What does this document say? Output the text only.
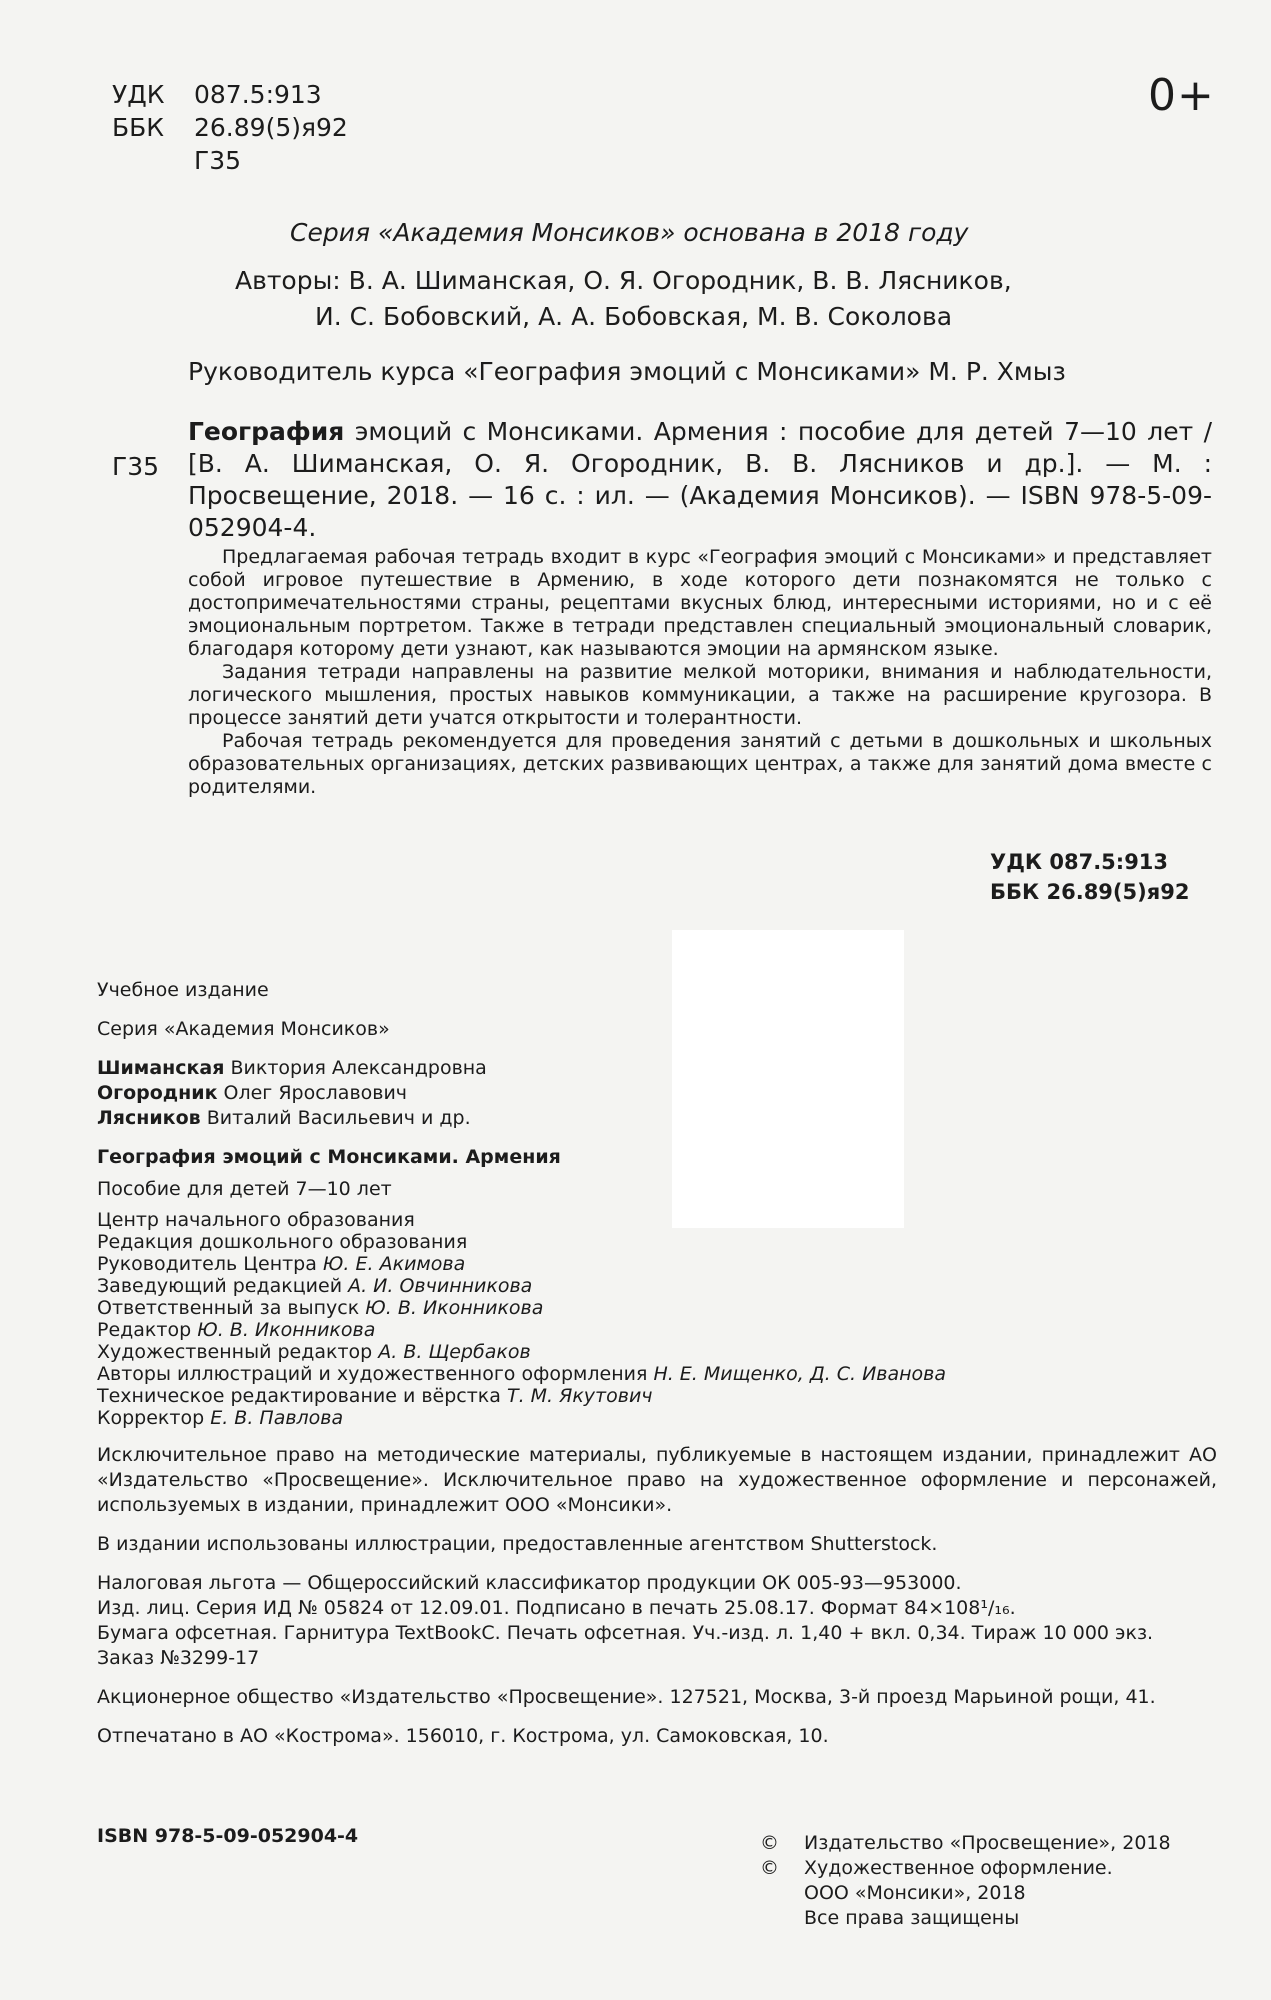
УДК 087.5:913
ББК 26.89(5)я92
Г35
0+
Серия «Академия Монсиков» основана в 2018 году
Авторы: В. А. Шиманская, О. Я. Огородник, В. В. Лясников,
И. С. Бобовский, А. А. Бобовская, М. В. Соколова
Руководитель курса «География эмоций с Монсиками» М. Р. Хмыз
Г35

География эмоций с Монсиками. Армения : пособие для детей 7—10 лет / [В. А. Шиманская, О. Я. Огородник, В. В. Лясников и др.]. — М. : Просвещение, 2018. — 16 с. : ил. — (Академия Монсиков). — ISBN 978-5-09-052904-4.

Предлагаемая рабочая тетрадь входит в курс «География эмоций с Монсиками» и представляет собой игровое путешествие в Армению, в ходе которого дети познакомятся не только с достопримечательностями страны, рецептами вкусных блюд, интересными историями, но и с её эмоциональным портретом. Также в тетради представлен специальный эмоциональный словарик, благодаря которому дети узнают, как называются эмоции на армянском языке.

Задания тетради направлены на развитие мелкой моторики, внимания и наблюдательности, логического мышления, простых навыков коммуникации, а также на расширение кругозора. В процессе занятий дети учатся открытости и толерантности.

Рабочая тетрадь рекомендуется для проведения занятий с детьми в дошкольных и школьных образовательных организациях, детских развивающих центрах, а также для занятий дома вместе с родителями.

УДК 087.5:913
ББК 26.89(5)я92
Учебное издание
Серия «Академия Монсиков»
Шиманская Виктория Александровна
Огородник Олег Ярославович
Лясников Виталий Васильевич и др.
География эмоций с Монсиками. Армения
Пособие для детей 7—10 лет
Центр начального образования
Редакция дошкольного образования
Руководитель Центра Ю. Е. Акимова
Заведующий редакцией А. И. Овчинникова
Ответственный за выпуск Ю. В. Иконникова
Редактор Ю. В. Иконникова
Художественный редактор А. В. Щербаков
Авторы иллюстраций и художественного оформления Н. Е. Мищенко, Д. С. Иванова
Техническое редактирование и вёрстка Т. М. Якутович
Корректор Е. В. Павлова
Исключительное право на методические материалы, публикуемые в настоящем издании, принадлежит АО «Издательство «Просвещение». Исключительное право на художественное оформление и персонажей, используемых в издании, принадлежит ООО «Монсики».
В издании использованы иллюстрации, предоставленные агентством Shutterstock.
Налоговая льгота — Общероссийский классификатор продукции ОК 005-93—953000.
Изд. лиц. Серия ИД № 05824 от 12.09.01. Подписано в печать 25.08.17. Формат 84×108¹/₁₆.
Бумага офсетная. Гарнитура TextBookC. Печать офсетная. Уч.-изд. л. 1,40 + вкл. 0,34. Тираж 10 000 экз.
Заказ №3299-17
Акционерное общество «Издательство «Просвещение». 127521, Москва, 3-й проезд Марьиной рощи, 41.
Отпечатано в АО «Кострома». 156010, г. Кострома, ул. Самоковская, 10.
ISBN 978-5-09-052904-4	© Издательство «Просвещение», 2018
© Художественное оформление.
ООО «Монсики», 2018
Все права защищены
